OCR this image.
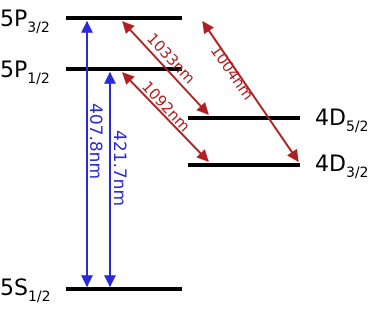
5P3/2
5P1/2
4D5/2
4D3/2
5S1/2
407.8nm 421.7nm
1033nm
1092nm
1004nm
